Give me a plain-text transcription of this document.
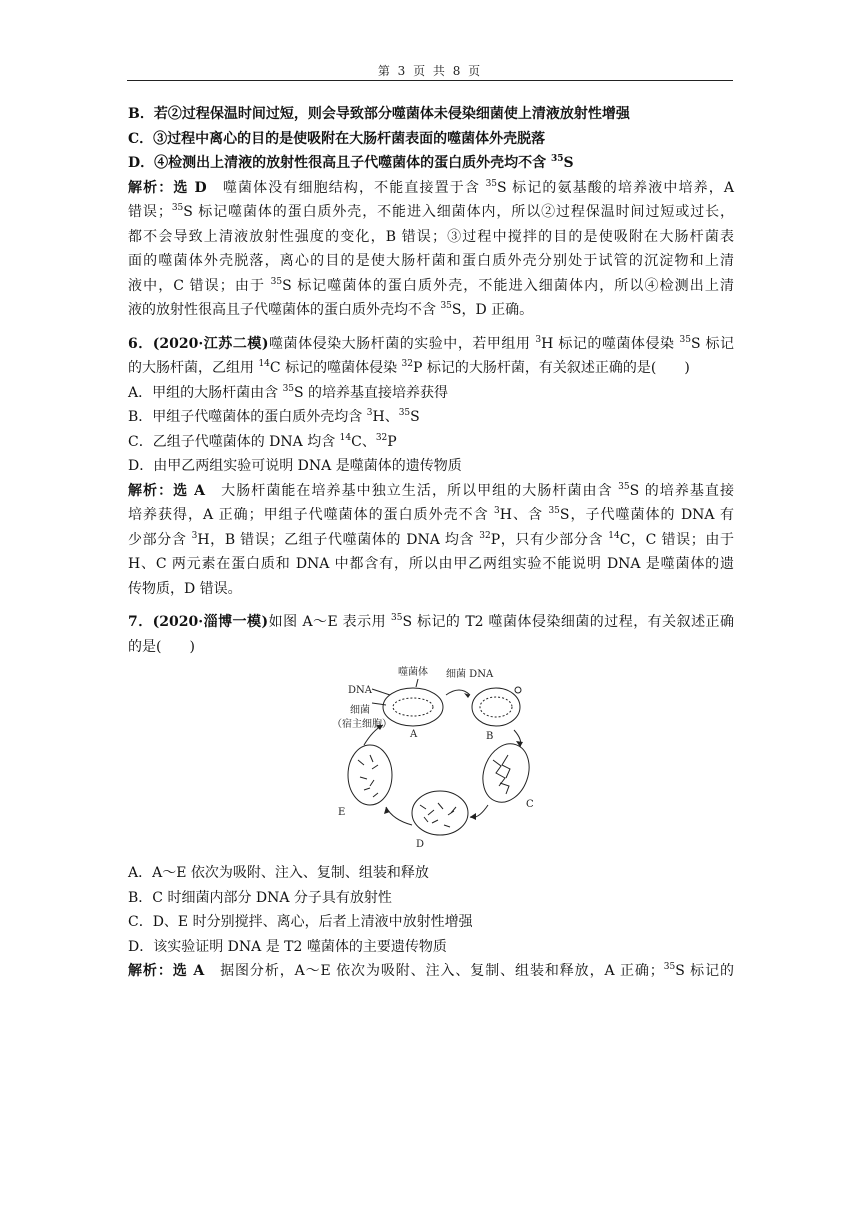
第 3 页 共 8 页

B．若②过程保温时间过短，则会导致部分噬菌体未侵染细菌使上清液放射性增强

C．③过程中离心的目的是使吸附在大肠杆菌表面的噬菌体外壳脱落

D．④检测出上清液的放射性很高且子代噬菌体的蛋白质外壳均不含 $^{35}$S

解析：选 D　噬菌体没有细胞结构，不能直接置于含 $^{35}$S 标记的氨基酸的培养液中培养，A

错误；$^{35}$S 标记噬菌体的蛋白质外壳，不能进入细菌体内，所以②过程保温时间过短或过长，

都不会导致上清液放射性强度的变化，B 错误；③过程中搅拌的目的是使吸附在大肠杆菌表

面的噬菌体外壳脱落，离心的目的是使大肠杆菌和蛋白质外壳分别处于试管的沉淀物和上清

液中，C 错误；由于 $^{35}$S 标记噬菌体的蛋白质外壳，不能进入细菌体内，所以④检测出上清

液的放射性很高且子代噬菌体的蛋白质外壳均不含 $^{35}$S，D 正确。

6．(2020·江苏二模)噬菌体侵染大肠杆菌的实验中，若甲组用 $^3$H 标记的噬菌体侵染 $^{35}$S 标记

的大肠杆菌，乙组用 $^{14}$C 标记的噬菌体侵染 $^{32}$P 标记的大肠杆菌，有关叙述正确的是(　　)

A．甲组的大肠杆菌由含 $^{35}$S 的培养基直接培养获得

B．甲组子代噬菌体的蛋白质外壳均含 $^3$H、$^{35}$S

C．乙组子代噬菌体的 DNA 均含 $^{14}$C、$^{32}$P

D．由甲乙两组实验可说明 DNA 是噬菌体的遗传物质

解析：选 A　大肠杆菌能在培养基中独立生活，所以甲组的大肠杆菌由含 $^{35}$S 的培养基直接

培养获得，A 正确；甲组子代噬菌体的蛋白质外壳不含 $^3$H、含 $^{35}$S，子代噬菌体的 DNA 有

少部分含 $^3$H，B 错误；乙组子代噬菌体的 DNA 均含 $^{32}$P，只有少部分含 $^{14}$C，C 错误；由于

H、C 两元素在蛋白质和 DNA 中都含有，所以由甲乙两组实验不能说明 DNA 是噬菌体的遗

传物质，D 错误。

7．(2020·淄博一模)如图 A～E 表示用 $^{35}$S 标记的 T2 噬菌体侵染细菌的过程，有关叙述正确

的是(　　)

噬菌体 细菌 DNA
DNA
细菌
（宿主细胞）
A	B
C
D
E

A．A～E 依次为吸附、注入、复制、组装和释放

B．C 时细菌内部分 DNA 分子具有放射性

C．D、E 时分别搅拌、离心，后者上清液中放射性增强

D．该实验证明 DNA 是 T2 噬菌体的主要遗传物质

解析：选 A　据图分析，A～E 依次为吸附、注入、复制、组装和释放，A 正确；$^{35}$S 标记的
